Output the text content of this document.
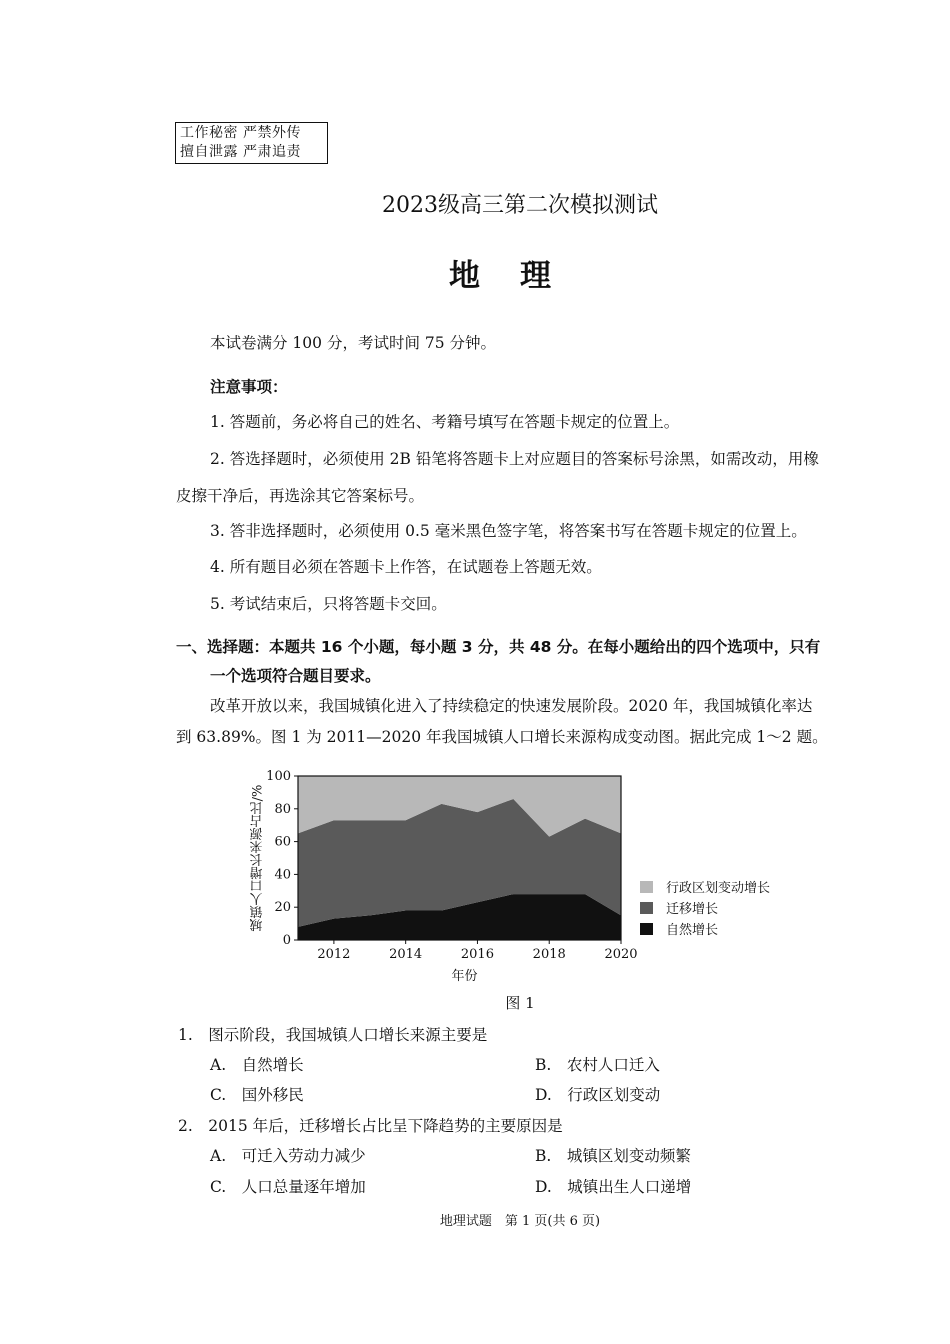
工作秘密 严禁外传
擅自泄露 严肃追责
2023级高三第二次模拟测试
地理
本试卷满分 100 分，考试时间 75 分钟。
注意事项：
1. 答题前，务必将自己的姓名、考籍号填写在答题卡规定的位置上。
2. 答选择题时，必须使用 2B 铅笔将答题卡上对应题目的答案标号涂黑，如需改动，用橡
皮擦干净后，再选涂其它答案标号。
3. 答非选择题时，必须使用 0.5 毫米黑色签字笔，将答案书写在答题卡规定的位置上。
4. 所有题目必须在答题卡上作答，在试题卷上答题无效。
5. 考试结束后，只将答题卡交回。
一、选择题：本题共 16 个小题，每小题 3 分，共 48 分。在每小题给出的四个选项中，只有
一个选项符合题目要求。
改革开放以来，我国城镇化进入了持续稳定的快速发展阶段。2020 年，我国城镇化率达
到 63.89%。图 1 为 2011—2020 年我国城镇人口增长来源构成变动图。据此完成 1～2 题。
0
20
40
60
80
100
2012	2014	2016	2018	2020
年份
城镇人口增长来源占比/%	行政区划变动增长
迁移增长
自然增长
图 1
1.　图示阶段，我国城镇人口增长来源主要是
A.　自然增长	B.　农村人口迁入
C.　国外移民	D.　行政区划变动
2.　2015 年后，迁移增长占比呈下降趋势的主要原因是
A.　可迁入劳动力减少	B.　城镇区划变动频繁
C.　人口总量逐年增加	D.　城镇出生人口递增
地理试题　第 1 页(共 6 页)
